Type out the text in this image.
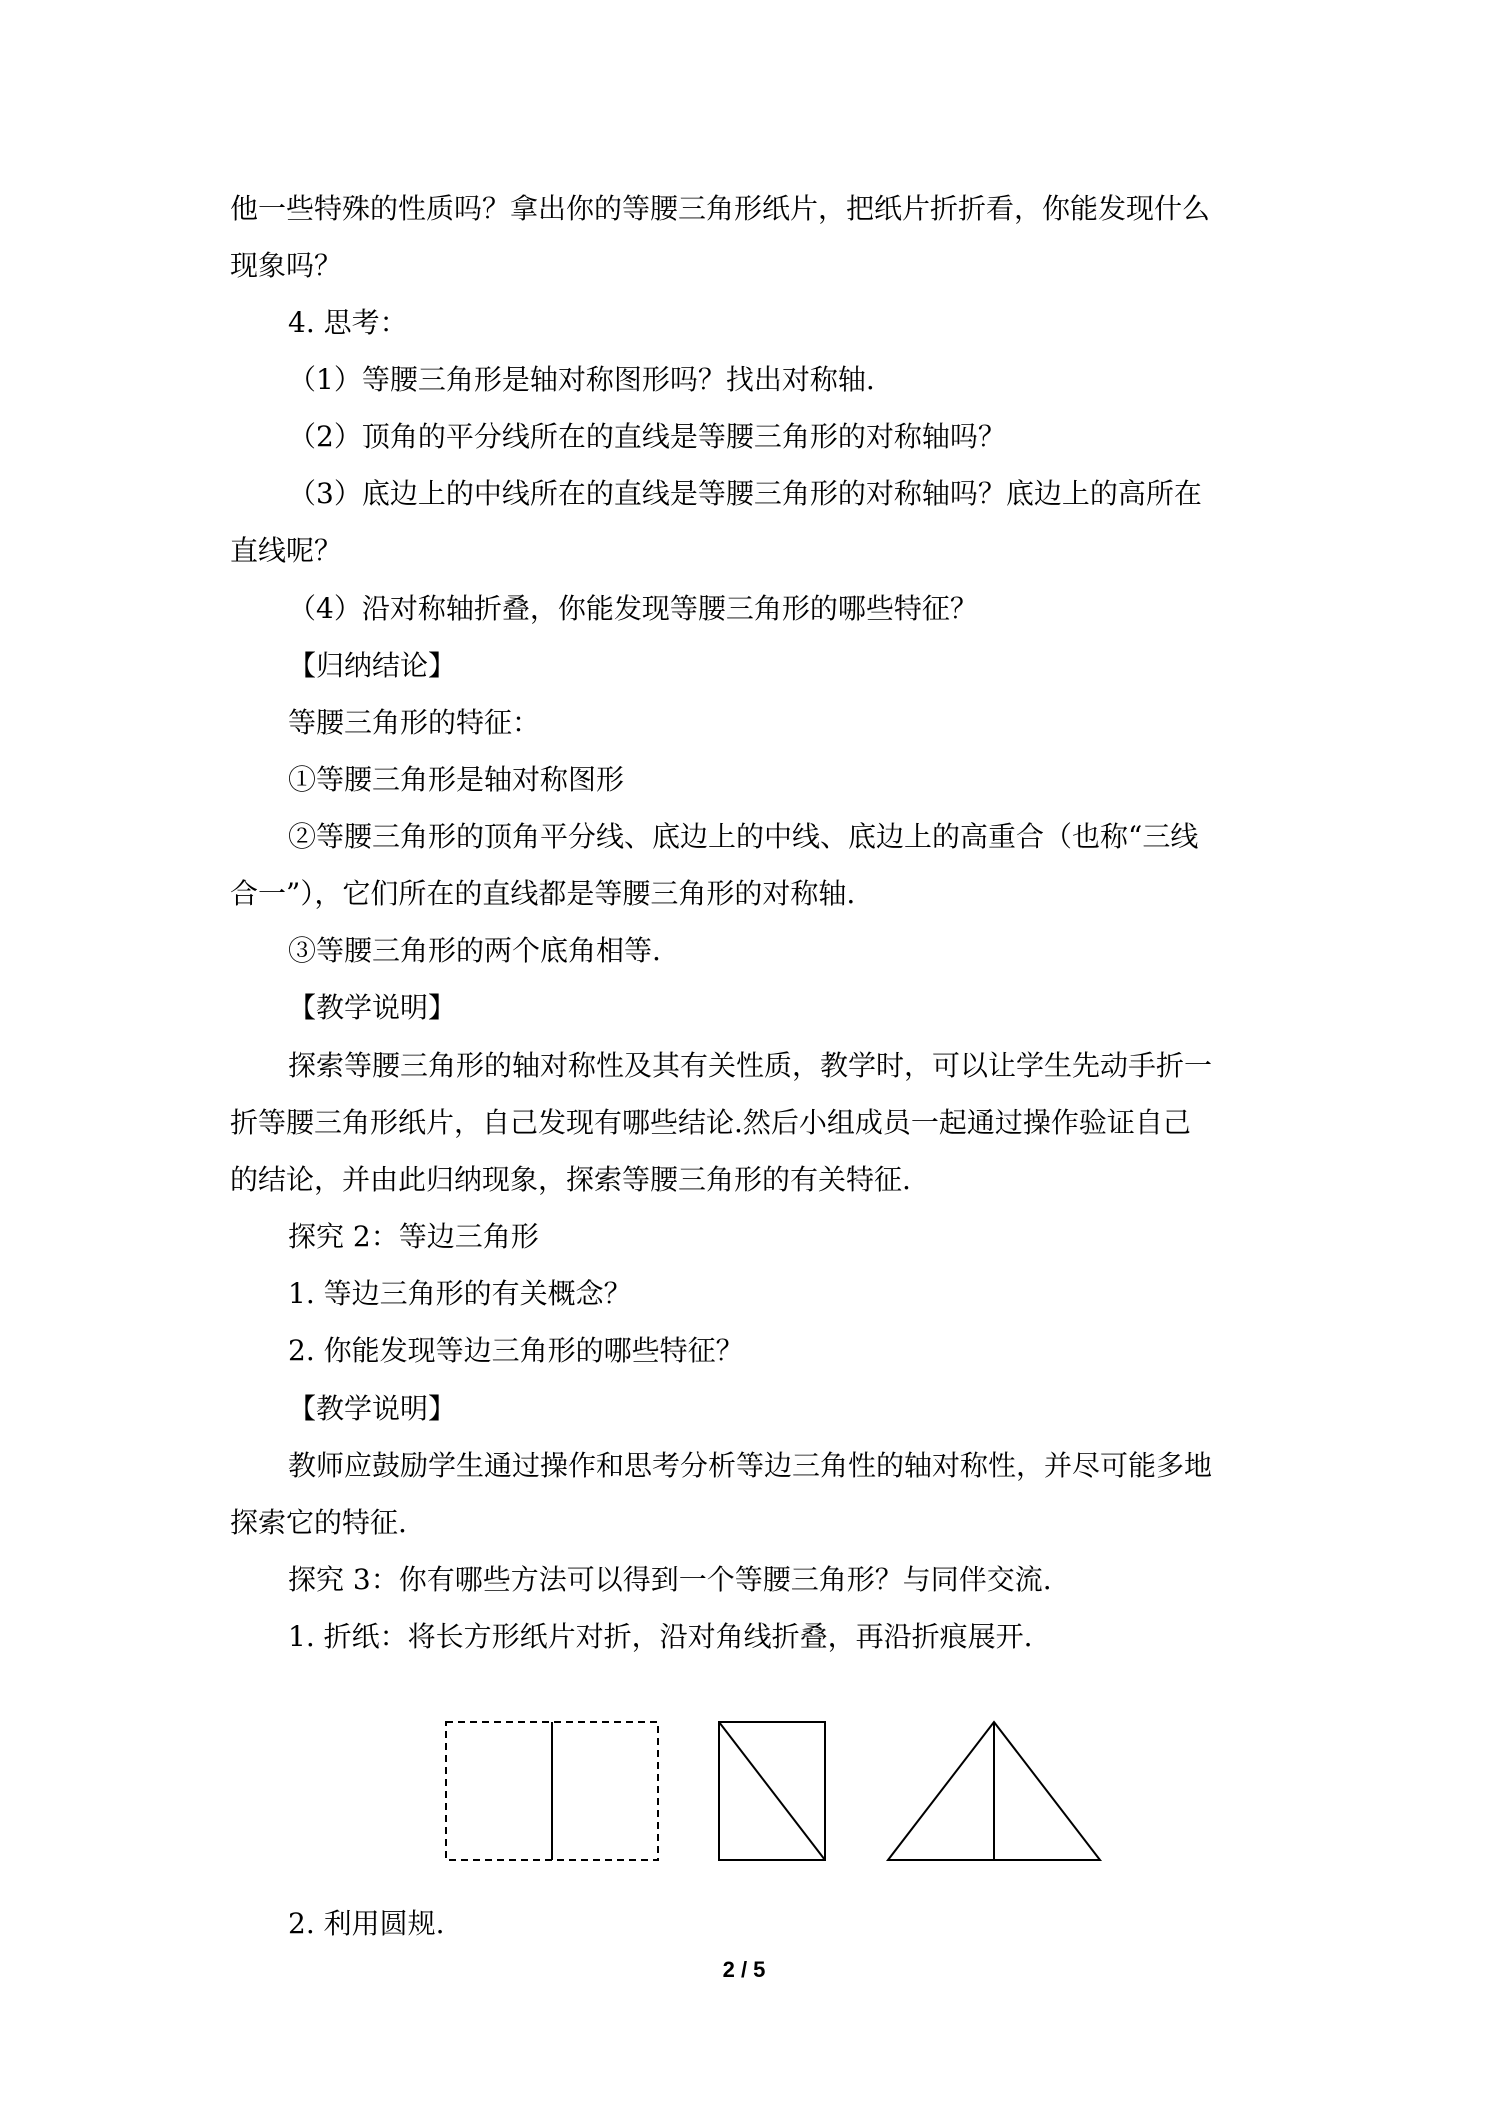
他一些特殊的性质吗？拿出你的等腰三角形纸片，把纸片折折看，你能发现什么
现象吗？
4. 思考：
（1）等腰三角形是轴对称图形吗？找出对称轴.
（2）顶角的平分线所在的直线是等腰三角形的对称轴吗？
（3）底边上的中线所在的直线是等腰三角形的对称轴吗？底边上的高所在
直线呢？
（4）沿对称轴折叠，你能发现等腰三角形的哪些特征？
【归纳结论】
等腰三角形的特征：
①等腰三角形是轴对称图形
②等腰三角形的顶角平分线、底边上的中线、底边上的高重合（也称“三线
合一”），它们所在的直线都是等腰三角形的对称轴.
③等腰三角形的两个底角相等.
【教学说明】
探索等腰三角形的轴对称性及其有关性质，教学时，可以让学生先动手折一
折等腰三角形纸片，自己发现有哪些结论.然后小组成员一起通过操作验证自己
的结论，并由此归纳现象，探索等腰三角形的有关特征.
探究 2：等边三角形
1. 等边三角形的有关概念？
2. 你能发现等边三角形的哪些特征？
【教学说明】
教师应鼓励学生通过操作和思考分析等边三角性的轴对称性，并尽可能多地
探索它的特征.
探究 3：你有哪些方法可以得到一个等腰三角形？与同伴交流.
1. 折纸：将长方形纸片对折，沿对角线折叠，再沿折痕展开.
2. 利用圆规.
2 / 5
